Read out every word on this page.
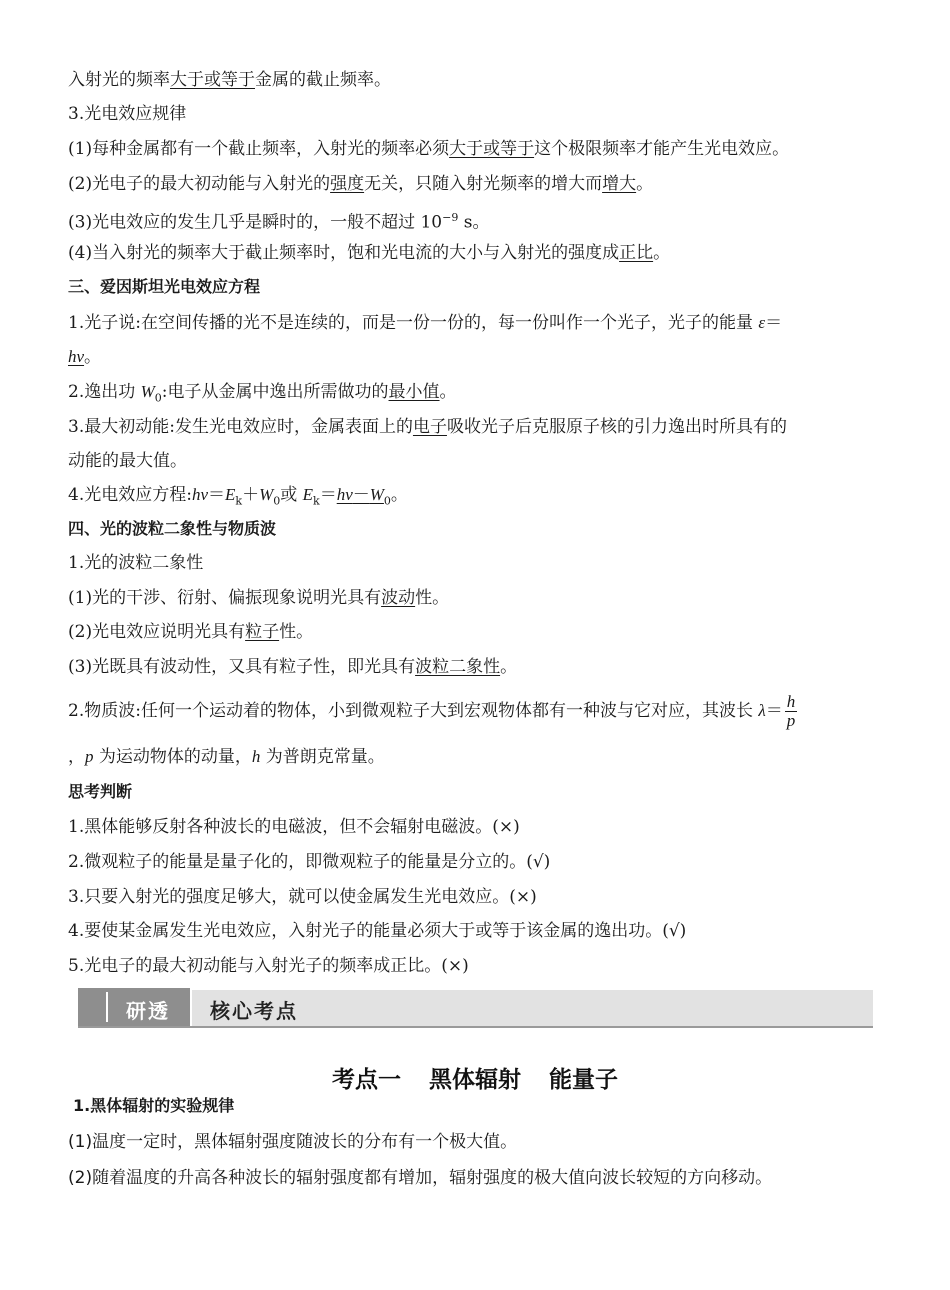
入射光的频率大于或等于金属的截止频率。
3.光电效应规律
(1)每种金属都有一个截止频率，入射光的频率必须大于或等于这个极限频率才能产生光电效应。
(2)光电子的最大初动能与入射光的强度无关，只随入射光频率的增大而增大。
(3)光电效应的发生几乎是瞬时的，一般不超过 $10^{-9}$ s。
(4)当入射光的频率大于截止频率时，饱和光电流的大小与入射光的强度成正比。
三、爱因斯坦光电效应方程
1.光子说:在空间传播的光不是连续的，而是一份一份的，每一份叫作一个光子，光子的能量 ε＝
hν。
2.逸出功 $W_0$:电子从金属中逸出所需做功的最小值。
3.最大初动能:发生光电效应时，金属表面上的电子吸收光子后克服原子核的引力逸出时所具有的
动能的最大值。
4.光电效应方程$:h\nu=E_k+W_0$或 $E_k=h\nu-W_0$。
四、光的波粒二象性与物质波
1.光的波粒二象性
(1)光的干涉、衍射、偏振现象说明光具有波动性。
(2)光电效应说明光具有粒子性。
(3)光既具有波动性，又具有粒子性，即光具有波粒二象性。
2.物质波:任何一个运动着的物体，小到微观粒子大到宏观物体都有一种波与它对应，其波长 $\lambda= \frac{h}{p}$
，p 为运动物体的动量，h 为普朗克常量。
思考判断
1.黑体能够反射各种波长的电磁波，但不会辐射电磁波。(×)
2.微观粒子的能量是量子化的，即微观粒子的能量是分立的。(√)
3.只要入射光的强度足够大，就可以使金属发生光电效应。(×)
4.要使某金属发生光电效应，入射光子的能量必须大于或等于该金属的逸出功。(√)
5.光电子的最大初动能与入射光子的频率成正比。(×)
研透 核心考点
考点一 黑体辐射 能量子
1.黑体辐射的实验规律
(1)温度一定时，黑体辐射强度随波长的分布有一个极大值。
(2)随着温度的升高各种波长的辐射强度都有增加，辐射强度的极大值向波长较短的方向移动。
